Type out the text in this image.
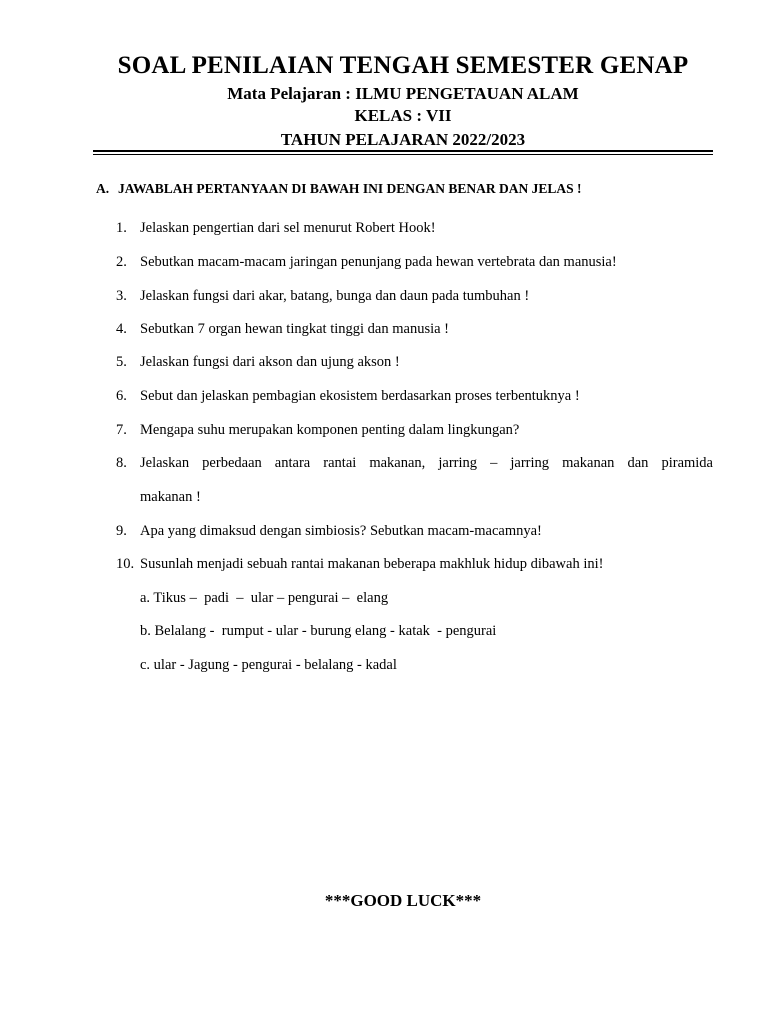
SOAL PENILAIAN TENGAH SEMESTER GENAP
Mata Pelajaran : ILMU PENGETAUAN ALAM
KELAS : VII
TAHUN PELAJARAN 2022/2023
A. JAWABLAH PERTANYAAN DI BAWAH INI DENGAN BENAR DAN JELAS !
1. Jelaskan pengertian dari sel menurut Robert Hook!
2. Sebutkan macam-macam jaringan penunjang pada hewan vertebrata dan manusia!
3. Jelaskan fungsi dari akar, batang, bunga dan daun pada tumbuhan !
4. Sebutkan 7 organ hewan tingkat tinggi dan manusia !
5. Jelaskan fungsi dari akson dan ujung akson !
6. Sebut dan jelaskan pembagian ekosistem berdasarkan proses terbentuknya !
7. Mengapa suhu merupakan komponen penting dalam lingkungan?
8. Jelaskan perbedaan antara rantai makanan, jarring – jarring makanan dan piramida
makanan !
9. Apa yang dimaksud dengan simbiosis? Sebutkan macam-macamnya!
10. Susunlah menjadi sebuah rantai makanan beberapa makhluk hidup dibawah ini!
a. Tikus –  padi  –  ular – pengurai –  elang
b. Belalang -  rumput - ular - burung elang - katak  - pengurai
c. ular - Jagung - pengurai - belalang - kadal
***GOOD LUCK***
